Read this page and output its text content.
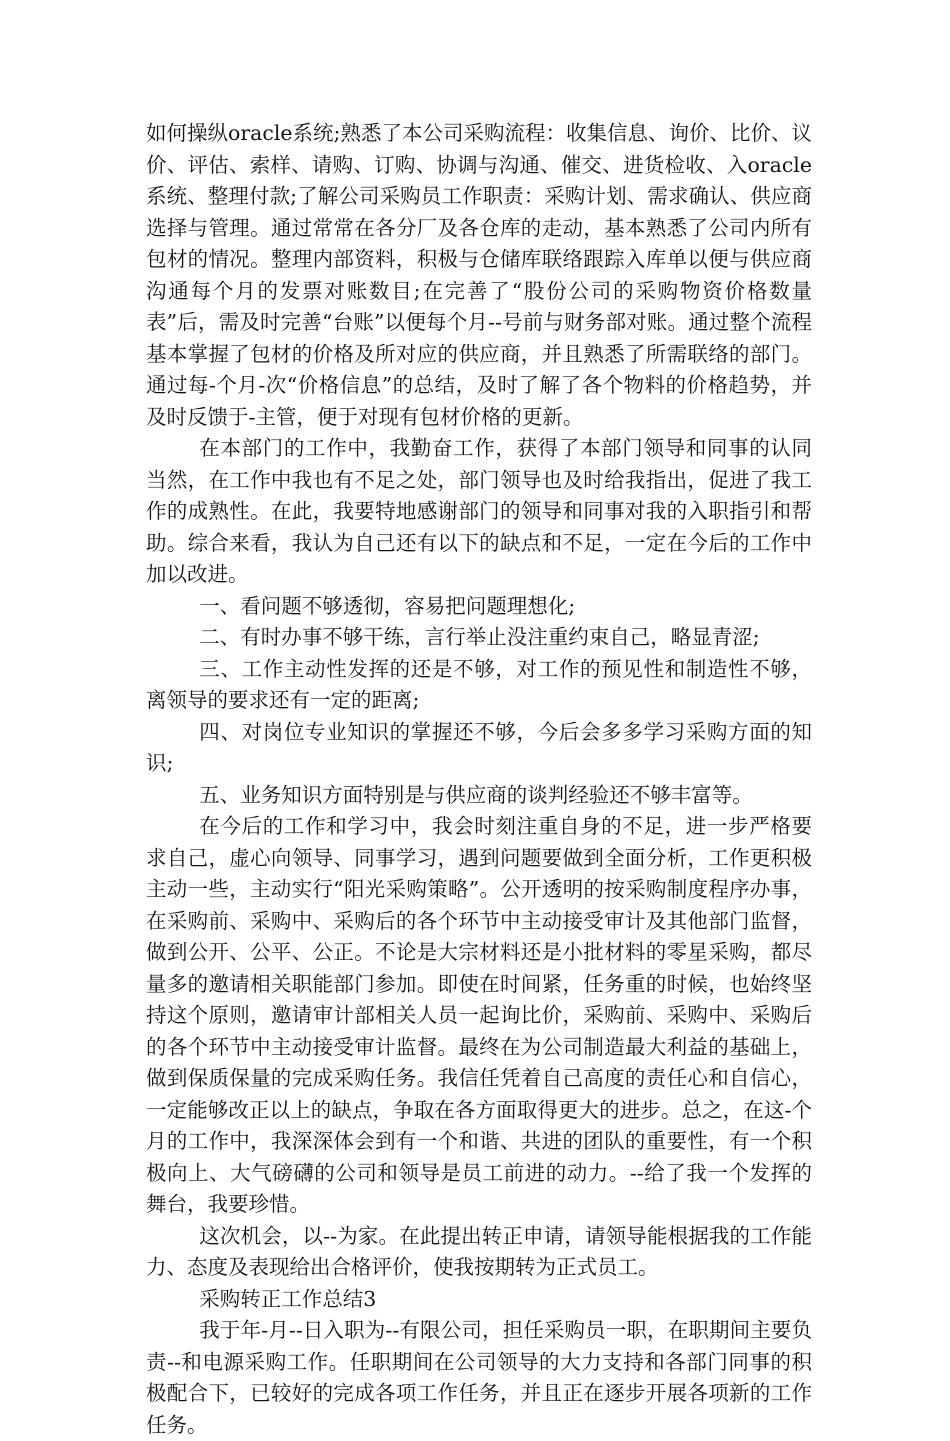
如何操纵oracle系统;熟悉了本公司采购流程：收集信息、询价、比价、议价、评估、索样、请购、订购、协调与沟通、催交、进货检收、入oracle系统、整理付款;了解公司采购员工作职责：采购计划、需求确认、供应商选择与管理。通过常常在各分厂及各仓库的走动，基本熟悉了公司内所有包材的情况。整理内部资料，积极与仓储库联络跟踪入库单以便与供应商沟通每个月的发票对账数目;在完善了“股份公司的采购物资价格数量表”后，需及时完善“台账”以便每个月--号前与财务部对账。通过整个流程基本掌握了包材的价格及所对应的供应商，并且熟悉了所需联络的部门。通过每-个月-次“价格信息”的总结，及时了解了各个物料的价格趋势，并及时反馈于-主管，便于对现有包材价格的更新。

在本部门的工作中，我勤奋工作，获得了本部门领导和同事的认同当然，在工作中我也有不足之处，部门领导也及时给我指出，促进了我工作的成熟性。在此，我要特地感谢部门的领导和同事对我的入职指引和帮助。综合来看，我认为自己还有以下的缺点和不足，一定在今后的工作中加以改进。

一、看问题不够透彻，容易把问题理想化;

二、有时办事不够干练，言行举止没注重约束自己，略显青涩;

三、工作主动性发挥的还是不够，对工作的预见性和制造性不够，离领导的要求还有一定的距离;

四、对岗位专业知识的掌握还不够，今后会多多学习采购方面的知识;

五、业务知识方面特别是与供应商的谈判经验还不够丰富等。

在今后的工作和学习中，我会时刻注重自身的不足，进一步严格要求自己，虚心向领导、同事学习，遇到问题要做到全面分析，工作更积极主动一些，主动实行“阳光采购策略”。公开透明的按采购制度程序办事，在采购前、采购中、采购后的各个环节中主动接受审计及其他部门监督，做到公开、公平、公正。不论是大宗材料还是小批材料的零星采购，都尽量多的邀请相关职能部门参加。即使在时间紧，任务重的时候，也始终坚持这个原则，邀请审计部相关人员一起询比价，采购前、采购中、采购后的各个环节中主动接受审计监督。最终在为公司制造最大利益的基础上，做到保质保量的完成采购任务。我信任凭着自己高度的责任心和自信心，一定能够改正以上的缺点，争取在各方面取得更大的进步。总之，在这-个月的工作中，我深深体会到有一个和谐、共进的团队的重要性，有一个积极向上、大气磅礴的公司和领导是员工前进的动力。--给了我一个发挥的舞台，我要珍惜。

这次机会，以--为家。在此提出转正申请，请领导能根据我的工作能力、态度及表现给出合格评价，使我按期转为正式员工。

采购转正工作总结3

我于年-月--日入职为--有限公司，担任采购员一职，在职期间主要负责--和电源采购工作。任职期间在公司领导的大力支持和各部门同事的积极配合下，已较好的完成各项工作任务，并且正在逐步开展各项新的工作任务。
